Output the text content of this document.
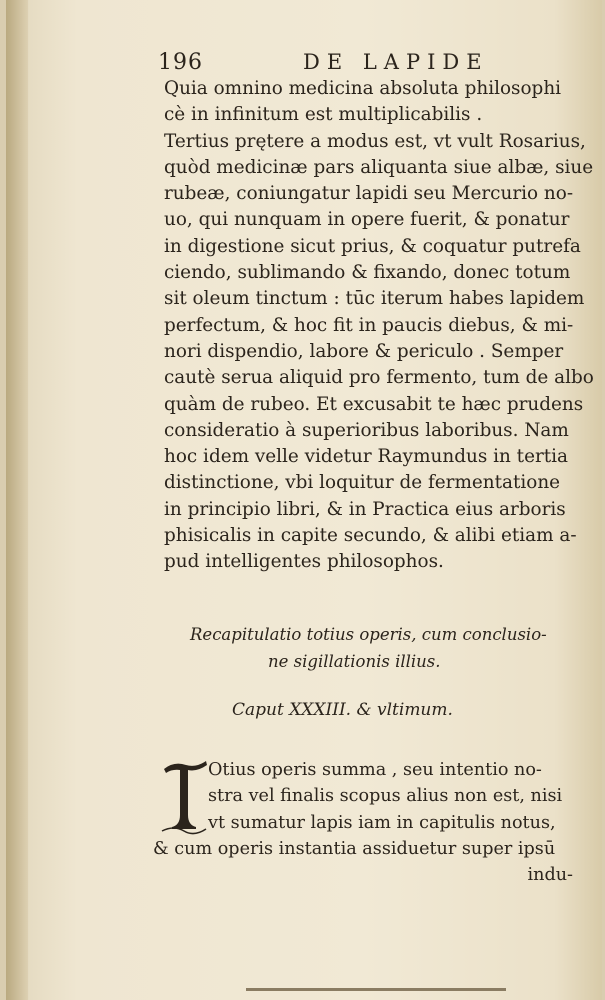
196	DE LAPIDE
Quia omnino medicina absoluta philosophi
cè in infinitum est multiplicabilis .
Tertius prętere a modus est, vt vult Rosarius,
quòd medicinæ pars aliquanta siue albæ, siue
rubeæ, coniungatur lapidi seu Mercurio no-
uo, qui nunquam in opere fuerit, & ponatur
in digestione sicut prius, & coquatur putrefa
ciendo, sublimando & fixando, donec totum
sit oleum tinctum : tūc iterum habes lapidem
perfectum, & hoc fit in paucis diebus, & mi-
nori dispendio, labore & periculo . Semper
cautè serua aliquid pro fermento, tum de albo
quàm de rubeo. Et excusabit te hæc prudens
consideratio à superioribus laboribus. Nam
hoc idem velle videtur Raymundus in tertia
distinctione, vbi loquitur de fermentatione
in principio libri, & in Practica eius arboris
phisicalis in capite secundo, & alibi etiam a-
pud intelligentes philosophos.
Recapitulatio totius operis, cum conclusio-
ne sigillationis illius.
Caput XXXIII. & vltimum.
Otius operis summa , seu intentio no-
stra vel finalis scopus alius non est, nisi
vt sumatur lapis iam in capitulis notus,
& cum operis instantia assiduetur super ipsū
indu-
